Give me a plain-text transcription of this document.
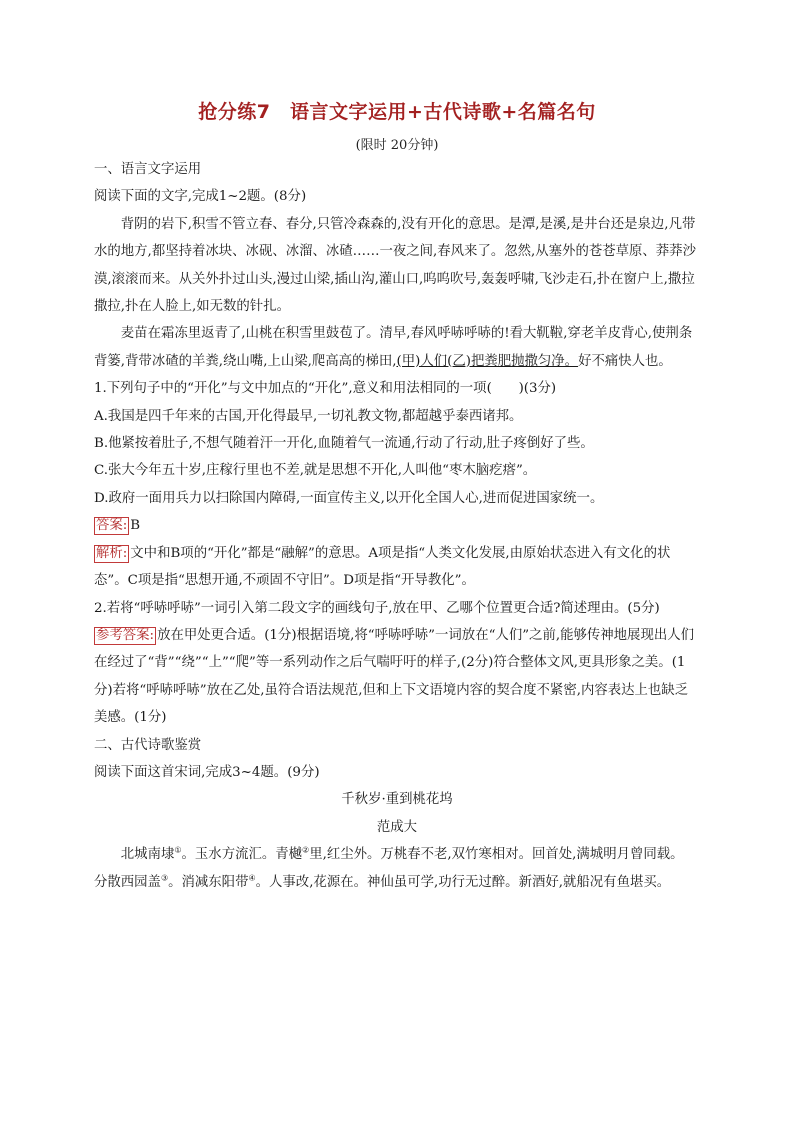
抢分练7　语言文字运用+古代诗歌+名篇名句
(限时 20分钟)

一、语言文字运用

阅读下面的文字,完成1~2题。(8分)

背阴的岩下,积雪不管立春、春分,只管冷森森的,没有开化的意思。是潭,是溪,是井台还是泉边,凡带水的地方,都坚持着冰块、冰砚、冰溜、冰碴……一夜之间,春风来了。忽然,从塞外的苍苍草原、莽莽沙漠,滚滚而来。从关外扑过山头,漫过山梁,插山沟,灌山口,呜呜吹号,轰轰呼啸,飞沙走石,扑在窗户上,撒拉撒拉,扑在人脸上,如无数的针扎。

麦苗在霜冻里返青了,山桃在积雪里鼓苞了。清早,春风呼哧呼哧的!看大靰鞡,穿老羊皮背心,使荆条背篓,背带冰碴的羊粪,绕山嘴,上山梁,爬高高的梯田,(甲)人们(乙)把粪肥抛撒匀净。好不痛快人也。

1.下列句子中的“开化”与文中加点的“开化”,意义和用法相同的一项(　　)(3分)

A.我国是四千年来的古国,开化得最早,一切礼教文物,都超越乎泰西诸邦。

B.他紧按着肚子,不想气随着汗一开化,血随着气一流通,行动了行动,肚子疼倒好了些。

C.张大今年五十岁,庄稼行里也不差,就是思想不开化,人叫他“枣木脑疙瘩”。

D.政府一面用兵力以扫除国内障碍,一面宣传主义,以开化全国人心,进而促进国家统一。

答案: B

解析: 文中和B项的“开化”都是“融解”的意思。A项是指“人类文化发展,由原始状态进入有文化的状态”。C项是指“思想开通,不顽固不守旧”。D项是指“开导教化”。

2.若将“呼哧呼哧”一词引入第二段文字的画线句子,放在甲、乙哪个位置更合适?简述理由。(5分)

参考答案: 放在甲处更合适。(1分)根据语境,将“呼哧呼哧”一词放在“人们”之前,能够传神地展现出人们在经过了“背”“绕”“上”“爬”等一系列动作之后气喘吁吁的样子,(2分)符合整体文风,更具形象之美。(1分)若将“呼哧呼哧”放在乙处,虽符合语法规范,但和上下文语境内容的契合度不紧密,内容表达上也缺乏美感。(1分)

二、古代诗歌鉴赏

阅读下面这首宋词,完成3~4题。(9分)

千秋岁·重到桃花坞

范成大

北城南埭①。玉水方流汇。青樾②里,红尘外。万桃春不老,双竹寒相对。回首处,满城明月曾同载。　　分散西园盖③。消减东阳带④。人事改,花源在。神仙虽可学,功行无过醉。新酒好,就船况有鱼堪买。
